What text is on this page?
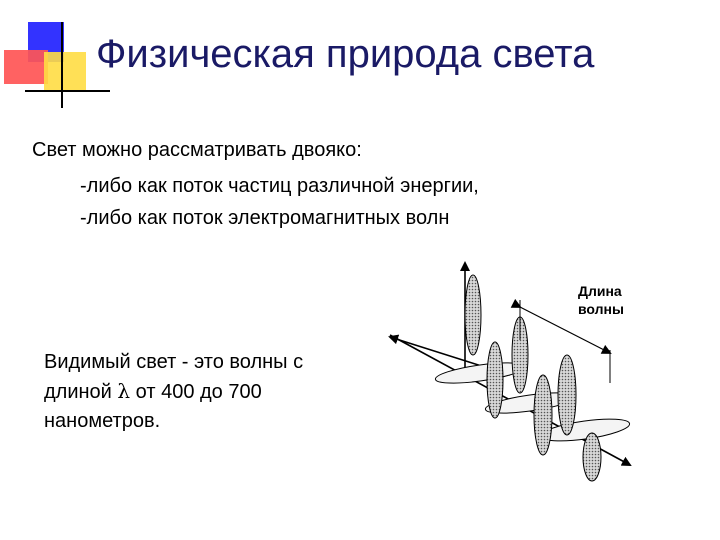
Физическая природа света
Свет можно рассматривать двояко:
-либо как поток частиц различной энергии,
-либо как поток электромагнитных волн
Видимый свет - это волны с
длиной λ от 400 до 700
нанометров.
Длина
волны
